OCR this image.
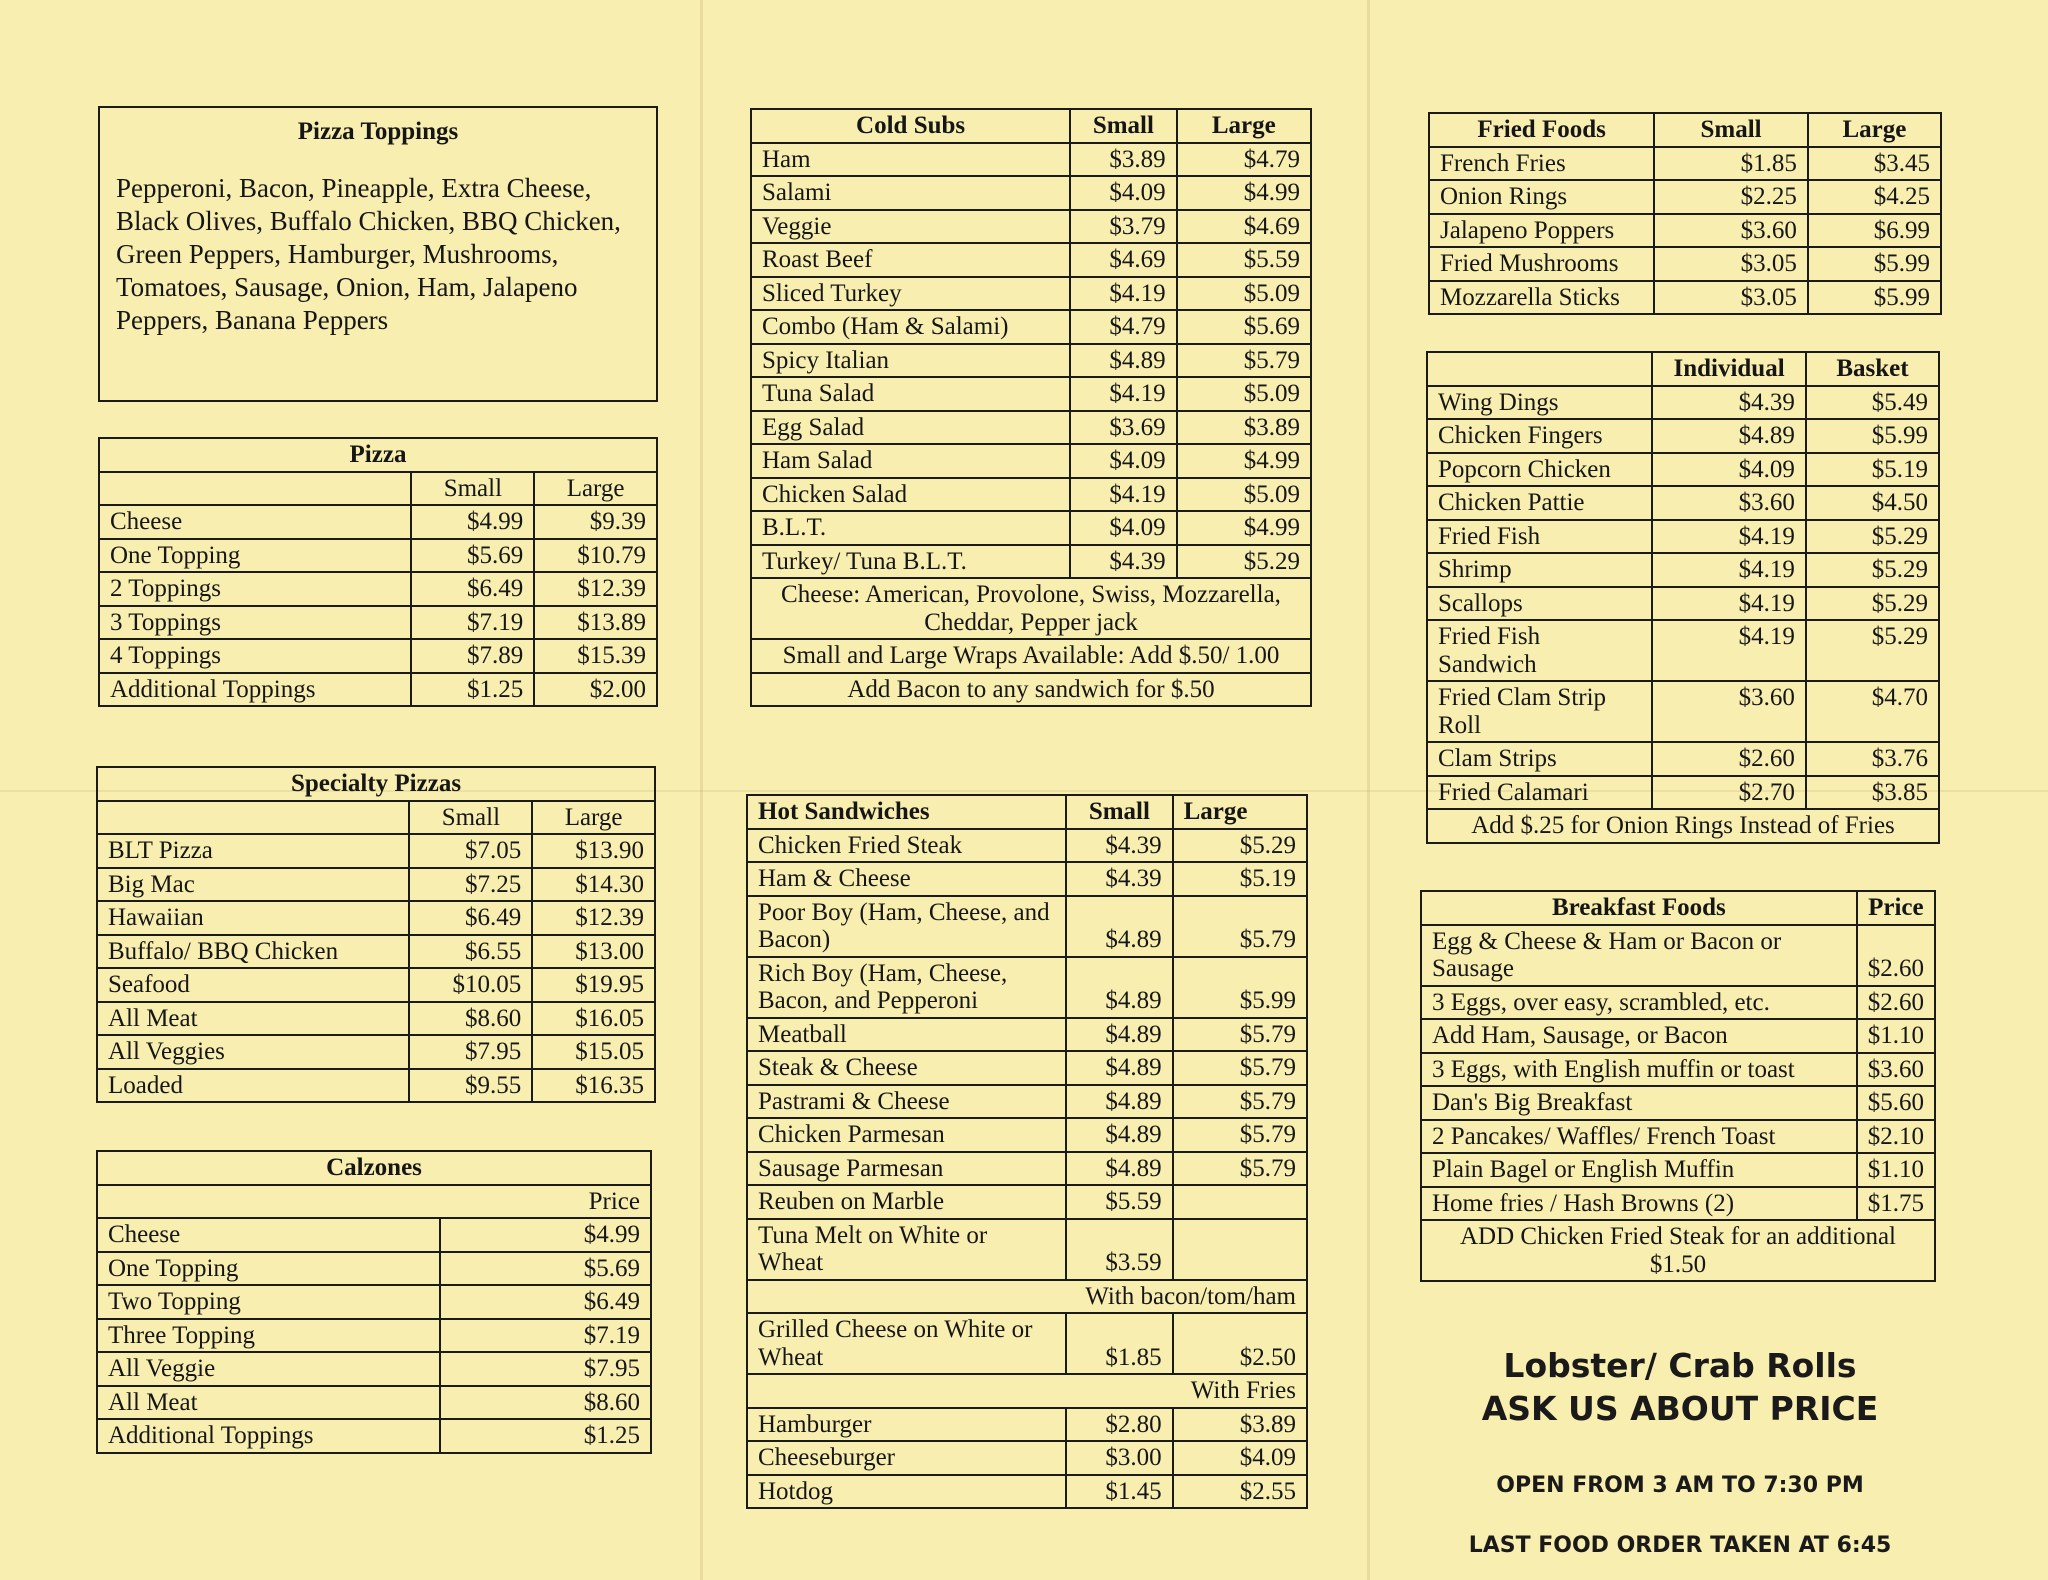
Pizza Toppings

Pepperoni, Bacon, Pineapple, Extra Cheese, Black Olives, Buffalo Chicken, BBQ Chicken, Green Peppers, Hamburger, Mushrooms, Tomatoes, Sausage, Onion, Ham, Jalapeno Peppers, Banana Peppers

Pizza		
	Small	Large
Cheese	$4.99	$9.39
One Topping	$5.69	$10.79
2 Toppings	$6.49	$12.39
3 Toppings	$7.19	$13.89
4 Toppings	$7.89	$15.39
Additional Toppings	$1.25	$2.00
Specialty Pizzas		
	Small	Large
BLT Pizza	$7.05	$13.90
Big Mac	$7.25	$14.30
Hawaiian	$6.49	$12.39
Buffalo/ BBQ Chicken	$6.55	$13.00
Seafood	$10.05	$19.95
All Meat	$8.60	$16.05
All Veggies	$7.95	$15.05
Loaded	$9.55	$16.35
Calzones	
Price	
Cheese	$4.99
One Topping	$5.69
Two Topping	$6.49
Three Topping	$7.19
All Veggie	$7.95
All Meat	$8.60
Additional Toppings	$1.25
Cold Subs	Small	Large
Ham	$3.89	$4.79
Salami	$4.09	$4.99
Veggie	$3.79	$4.69
Roast Beef	$4.69	$5.59
Sliced Turkey	$4.19	$5.09
Combo (Ham & Salami)	$4.79	$5.69
Spicy Italian	$4.89	$5.79
Tuna Salad	$4.19	$5.09
Egg Salad	$3.69	$3.89
Ham Salad	$4.09	$4.99
Chicken Salad	$4.19	$5.09
B.L.T.	$4.09	$4.99
Turkey/ Tuna B.L.T.	$4.39	$5.29
Cheese: American, Provolone, Swiss, Mozzarella, Cheddar, Pepper jack		
Small and Large Wraps Available: Add $.50/ 1.00		
Add Bacon to any sandwich for $.50		
Hot Sandwiches	Small	Large
Chicken Fried Steak	$4.39	$5.29
Ham & Cheese	$4.39	$5.19
Poor Boy (Ham, Cheese, and Bacon)	$4.89	$5.79
Rich Boy (Ham, Cheese, Bacon, and Pepperoni	$4.89	$5.99
Meatball	$4.89	$5.79
Steak & Cheese	$4.89	$5.79
Pastrami & Cheese	$4.89	$5.79
Chicken Parmesan	$4.89	$5.79
Sausage Parmesan	$4.89	$5.79
Reuben on Marble	$5.59	
Tuna Melt on White or Wheat	$3.59	
With bacon/tom/ham		
Grilled Cheese on White or Wheat	$1.85	$2.50
With Fries		
Hamburger	$2.80	$3.89
Cheeseburger	$3.00	$4.09
Hotdog	$1.45	$2.55
Fried Foods	Small	Large
French Fries	$1.85	$3.45
Onion Rings	$2.25	$4.25
Jalapeno Poppers	$3.60	$6.99
Fried Mushrooms	$3.05	$5.99
Mozzarella Sticks	$3.05	$5.99
	Individual	Basket
Wing Dings	$4.39	$5.49
Chicken Fingers	$4.89	$5.99
Popcorn Chicken	$4.09	$5.19
Chicken Pattie	$3.60	$4.50
Fried Fish	$4.19	$5.29
Shrimp	$4.19	$5.29
Scallops	$4.19	$5.29
Fried Fish Sandwich	$4.19	$5.29
Fried Clam Strip Roll	$3.60	$4.70
Clam Strips	$2.60	$3.76
Fried Calamari	$2.70	$3.85
Add $.25 for Onion Rings Instead of Fries		
Breakfast Foods	Price
Egg & Cheese & Ham or Bacon or Sausage	$2.60
3 Eggs, over easy, scrambled, etc.	$2.60
Add Ham, Sausage, or Bacon	$1.10
3 Eggs, with English muffin or toast	$3.60
Dan's Big Breakfast	$5.60
2 Pancakes/ Waffles/ French Toast	$2.10
Plain Bagel or English Muffin	$1.10
Home fries / Hash Browns (2)	$1.75
ADD Chicken Fried Steak for an additional $1.50	
Lobster/ Crab Rolls
ASK US ABOUT PRICE
OPEN FROM 3 AM TO 7:30 PM
LAST FOOD ORDER TAKEN AT 6:45
